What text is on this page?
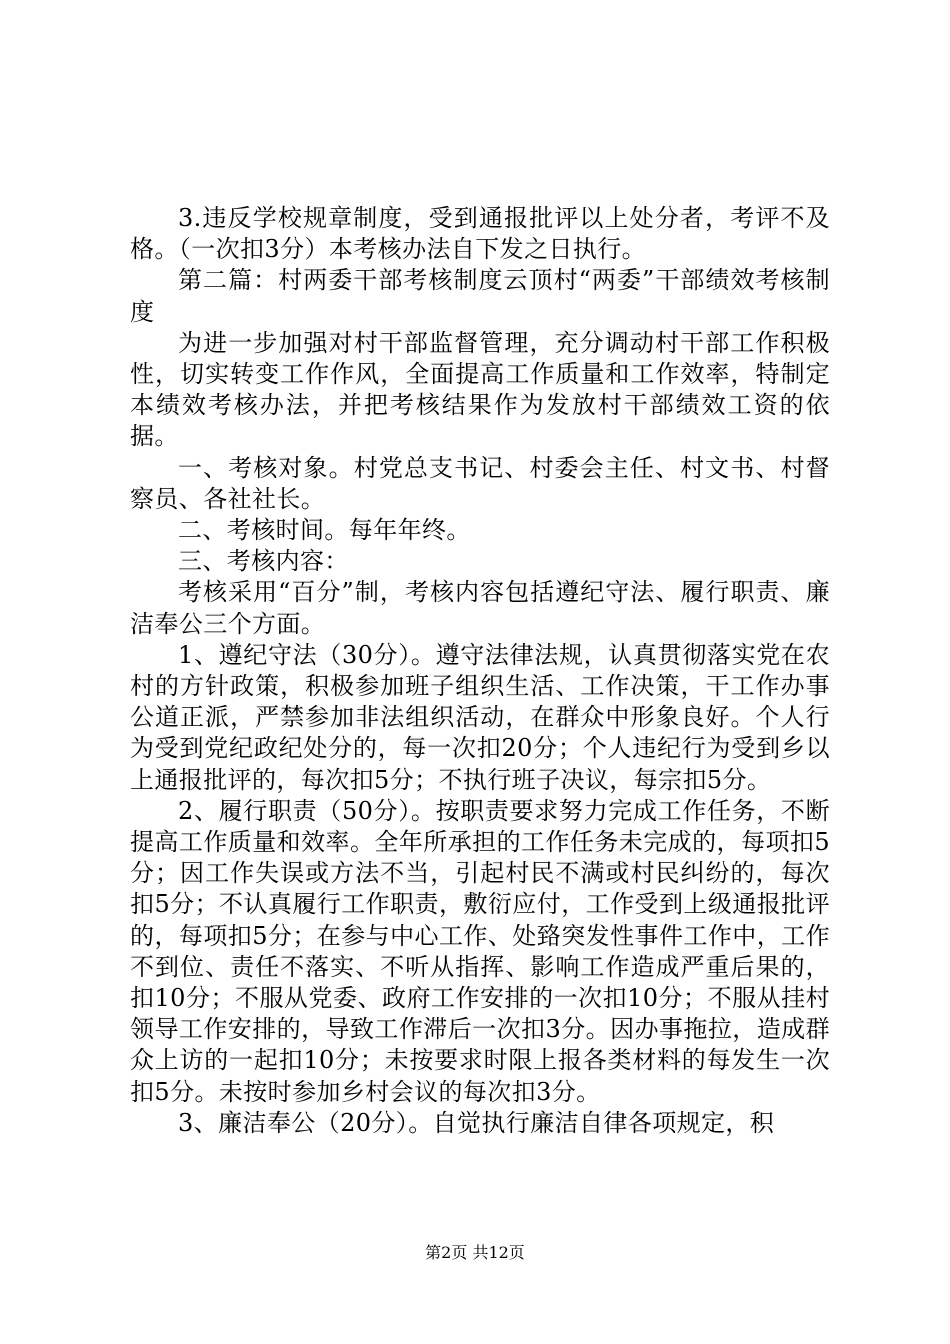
3.违反学校规章制度，受到通报批评以上处分者，考评不及格。（一次扣3分）本考核办法自下发之日执行。

第二篇：村两委干部考核制度云顶村“两委”干部绩效考核制度

为进一步加强对村干部监督管理，充分调动村干部工作积极性，切实转变工作作风，全面提高工作质量和工作效率，特制定本绩效考核办法，并把考核结果作为发放村干部绩效工资的依据。

一、考核对象。村党总支书记、村委会主任、村文书、村督察员、各社社长。

二、考核时间。每年年终。

三、考核内容：

考核采用“百分”制，考核内容包括遵纪守法、履行职责、廉洁奉公三个方面。

1、遵纪守法（30分）。遵守法律法规，认真贯彻落实党在农村的方针政策，积极参加班子组织生活、工作决策，干工作办事公道正派，严禁参加非法组织活动，在群众中形象良好。个人行为受到党纪政纪处分的，每一次扣20分；个人违纪行为受到乡以上通报批评的，每次扣5分；不执行班子决议，每宗扣5分。

2、履行职责（50分）。按职责要求努力完成工作任务，不断提高工作质量和效率。全年所承担的工作任务未完成的，每项扣5分；因工作失误或方法不当，引起村民不满或村民纠纷的，每次扣5分；不认真履行工作职责，敷衍应付，工作受到上级通报批评的，每项扣5分；在参与中心工作、处臵突发性事件工作中，工作不到位、责任不落实、不听从指挥、影响工作造成严重后果的，扣10分；不服从党委、政府工作安排的一次扣10分；不服从挂村领导工作安排的，导致工作滞后一次扣3分。因办事拖拉，造成群众上访的一起扣10分；未按要求时限上报各类材料的每发生一次扣5分。未按时参加乡村会议的每次扣3分。

3、廉洁奉公（20分）。自觉执行廉洁自律各项规定，积

第2页 共12页
